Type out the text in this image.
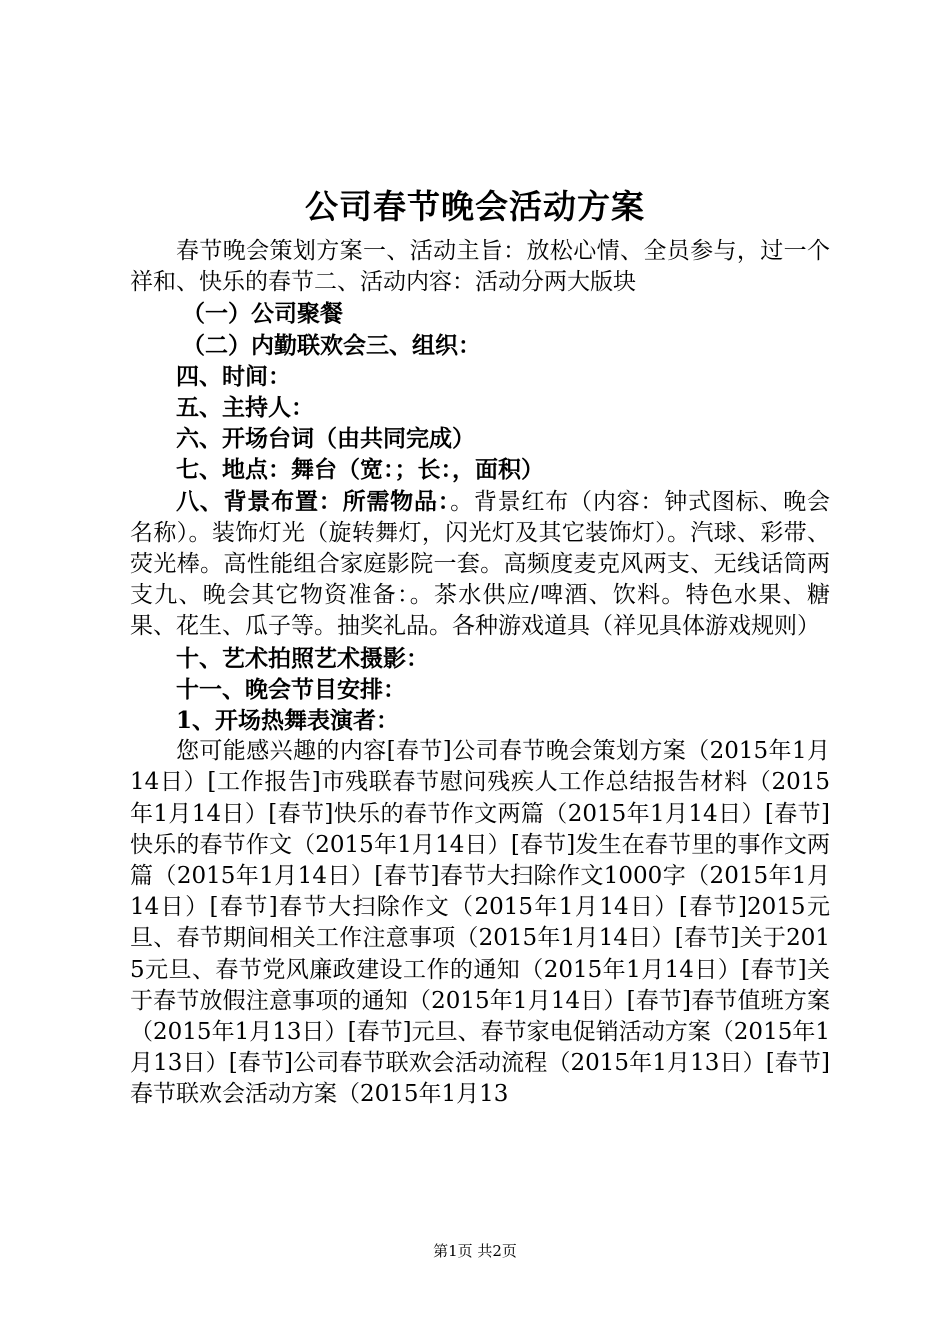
公司春节晚会活动方案

春节晚会策划方案一、活动主旨：放松心情、全员参与，过一个祥和、快乐的春节二、活动内容：活动分两大版块

（一）公司聚餐

（二）内勤联欢会三、组织：

四、时间：

五、主持人：

六、开场台词（由共同完成）

七、地点：舞台（宽：；长：，面积）

八、背景布置：所需物品：。背景红布（内容：钟式图标、晚会名称）。装饰灯光（旋转舞灯，闪光灯及其它装饰灯）。汽球、彩带、荧光棒。高性能组合家庭影院一套。高频度麦克风两支、无线话筒两支九、晚会其它物资准备：。茶水供应/啤酒、饮料。特色水果、糖果、花生、瓜子等。抽奖礼品。各种游戏道具（祥见具体游戏规则）

十、艺术拍照艺术摄影：

十一、晚会节目安排：

1、开场热舞表演者：

您可能感兴趣的内容[春节]公司春节晚会策划方案（2015年1月14日）[工作报告]市残联春节慰问残疾人工作总结报告材料（2015年1月14日）[春节]快乐的春节作文两篇（2015年1月14日）[春节]快乐的春节作文（2015年1月14日）[春节]发生在春节里的事作文两篇（2015年1月14日）[春节]春节大扫除作文1000字（2015年1月14日）[春节]春节大扫除作文（2015年1月14日）[春节]2015元旦、春节期间相关工作注意事项（2015年1月14日）[春节]关于2015元旦、春节党风廉政建设工作的通知（2015年1月14日）[春节]关于春节放假注意事项的通知（2015年1月14日）[春节]春节值班方案（2015年1月13日）[春节]元旦、春节家电促销活动方案（2015年1月13日）[春节]公司春节联欢会活动流程（2015年1月13日）[春节]春节联欢会活动方案（2015年1月13

第1页 共2页
